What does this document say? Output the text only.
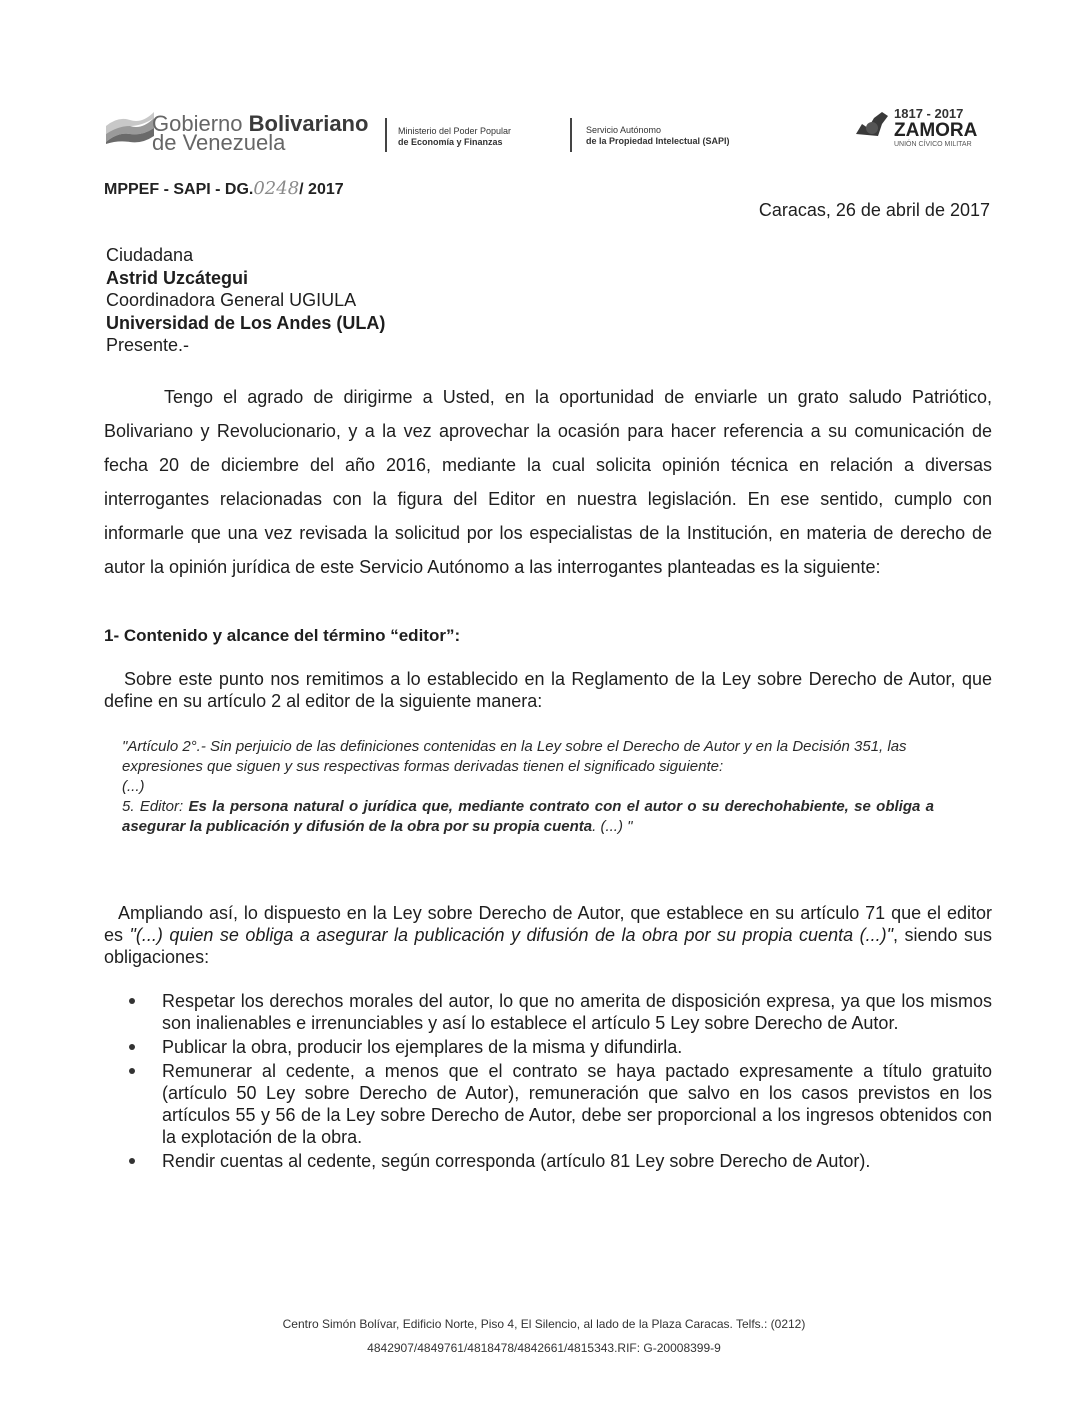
Gobierno Bolivariano
de Venezuela	Ministerio del Poder Popular
de Economía y Finanzas
Servicio Autónomo
de la Propiedad Intelectual (SAPI)
1817 - 2017
ZAMORA
UNIÓN CÍVICO MILITAR
MPPEF - SAPI - DG.0248/ 2017
Caracas, 26 de abril de 2017
Ciudadana
Astrid Uzcátegui
Coordinadora General UGIULA
Universidad de Los Andes (ULA)
Presente.-
Tengo el agrado de dirigirme a Usted, en la oportunidad de enviarle un grato saludo Patriótico, Bolivariano y Revolucionario, y a la vez aprovechar la ocasión para hacer referencia a su comunicación de fecha 20 de diciembre del año 2016, mediante la cual solicita opinión técnica en relación a diversas interrogantes relacionadas con la figura del Editor en nuestra legislación. En ese sentido, cumplo con informarle que una vez revisada la solicitud por los especialistas de la Institución, en materia de derecho de autor la opinión jurídica de este Servicio Autónomo a las interrogantes planteadas es la siguiente:
1- Contenido y alcance del término “editor”:
Sobre este punto nos remitimos a lo establecido en la Reglamento de la Ley sobre Derecho de Autor, que define en su artículo 2 al editor de la siguiente manera:
"Artículo 2°.- Sin perjuicio de las definiciones contenidas en la Ley sobre el Derecho de Autor y en la Decisión 351, las expresiones que siguen y sus respectivas formas derivadas tienen el significado siguiente:
(...)
5. Editor: Es la persona natural o jurídica que, mediante contrato con el autor o su derechohabiente, se obliga a asegurar la publicación y difusión de la obra por su propia cuenta. (...) "
Ampliando así, lo dispuesto en la Ley sobre Derecho de Autor, que establece en su artículo 71 que el editor es "(...) quien se obliga a asegurar la publicación y difusión de la obra por su propia cuenta (...)", siendo sus obligaciones:
Respetar los derechos morales del autor, lo que no amerita de disposición expresa, ya que los mismos son inalienables e irrenunciables y así lo establece el artículo 5 Ley sobre Derecho de Autor.
Publicar la obra, producir los ejemplares de la misma y difundirla.
Remunerar al cedente, a menos que el contrato se haya pactado expresamente a título gratuito (artículo 50 Ley sobre Derecho de Autor), remuneración que salvo en los casos previstos en los artículos 55 y 56 de la Ley sobre Derecho de Autor, debe ser proporcional a los ingresos obtenidos con la explotación de la obra.
Rendir cuentas al cedente, según corresponda (artículo 81 Ley sobre Derecho de Autor).
Centro Simón Bolívar, Edificio Norte, Piso 4, El Silencio, al lado de la Plaza Caracas. Telfs.: (0212)
4842907/4849761/4818478/4842661/4815343.RIF: G-20008399-9
